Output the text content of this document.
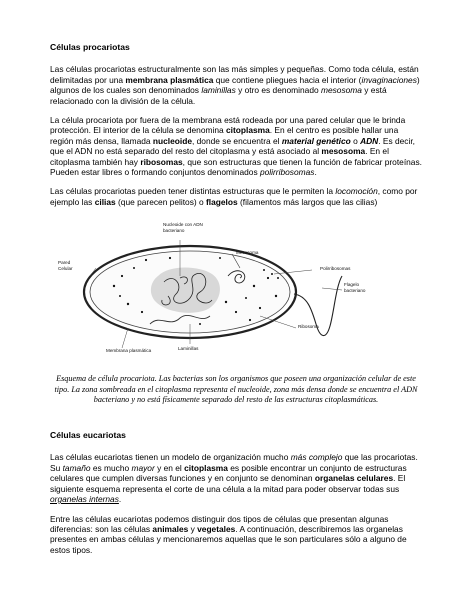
Células procariotas

Las células procariotas estructuralmente son las más simples y pequeñas. Como toda célula, están delimitadas por una membrana plasmática que contiene pliegues hacia el interior (invaginaciones) algunos de los cuales son denominados laminillas y otro es denominado mesosoma y está relacionado con la división de la célula.

La célula procariota por fuera de la membrana está rodeada por una pared celular que le brinda protección. El interior de la célula se denomina citoplasma. En el centro es posible hallar una región más densa, llamada nucleoide, donde se encuentra el material genético o ADN. Es decir, que el ADN no está separado del resto del citoplasma y está asociado al mesosoma. En el citoplasma también hay ribosomas, que son estructuras que tienen la función de fabricar proteínas. Pueden estar libres o formando conjuntos denominados polirribosomas.

Las células procariotas pueden tener distintas estructuras que le permiten la locomoción, como por ejemplo las cilias (que parecen pelitos) o flagelos (filamentos más largos que las cilias)

Nucleoide con ADN bacteriano
Mesosoma
Pared Celular	Polirribosomas
Flagelo bacteriano
Ribosoma
Membrana plasmática	Laminillas
Esquema de célula procariota. Las bacterias son los organismos que poseen una organización celular de este tipo. La zona sombreada en el citoplasma representa el nucleoide, zona más densa donde se encuentra el ADN bacteriano y no está físicamente separado del resto de las estructuras citoplasmáticas.
Células eucariotas

Las células eucariotas tienen un modelo de organización mucho más complejo que las procariotas. Su tamaño es mucho mayor y en el citoplasma es posible encontrar un conjunto de estructuras celulares que cumplen diversas funciones y en conjunto se denominan organelas celulares. El siguiente esquema representa el corte de una célula a la mitad para poder observar todas sus organelas internas.

Entre las células eucariotas podemos distinguir dos tipos de células que presentan algunas diferencias: son las células animales y vegetales. A continuación, describiremos las organelas presentes en ambas células y mencionaremos aquellas que le son particulares sólo a alguno de estos tipos.
